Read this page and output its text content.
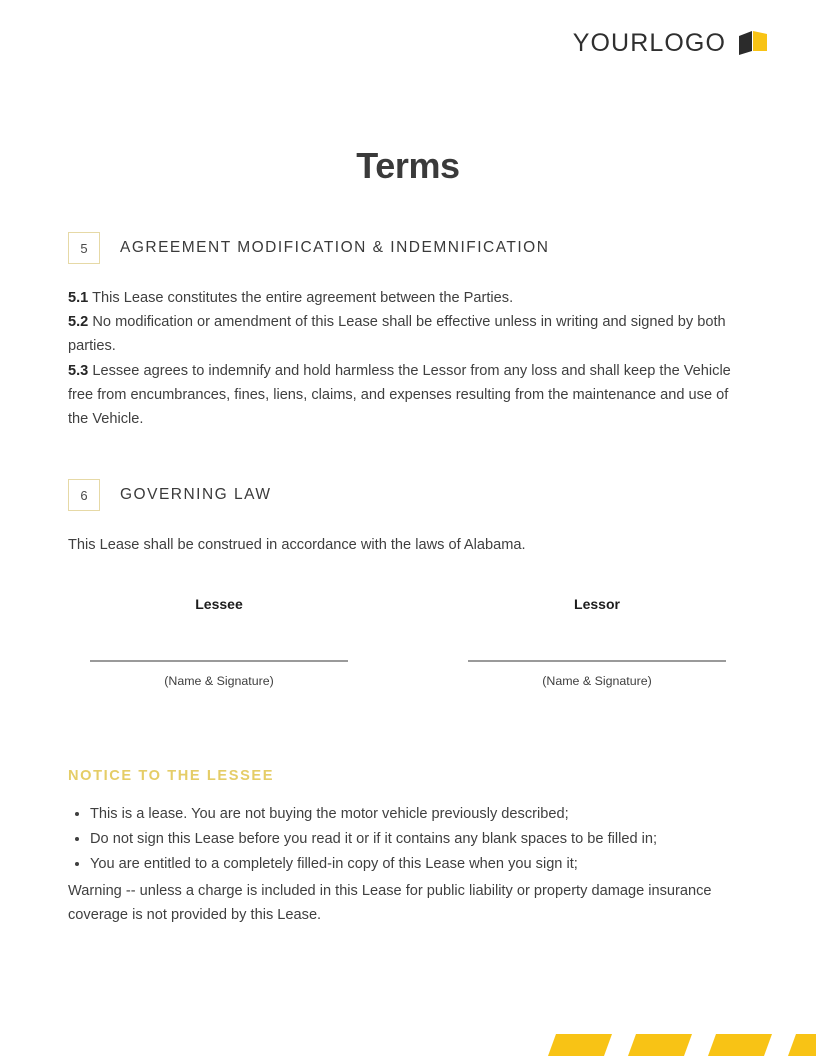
YOURLOGO
Terms
5	AGREEMENT MODIFICATION & INDEMNIFICATION

5.1 This Lease constitutes the entire agreement between the Parties.

5.2 No modification or amendment of this Lease shall be effective unless in writing and signed by both parties.

5.3 Lessee agrees to indemnify and hold harmless the Lessor from any loss and shall keep the Vehicle free from encumbrances, fines, liens, claims, and expenses resulting from the maintenance and use of the Vehicle.

6	GOVERNING LAW

This Lease shall be construed in accordance with the laws of Alabama.

Lessee
(Name & Signature)
Lessor
(Name & Signature)
NOTICE TO THE LESSEE
• This is a lease. You are not buying the motor vehicle previously described;
• Do not sign this Lease before you read it or if it contains any blank spaces to be filled in;
• You are entitled to a completely filled-in copy of this Lease when you sign it;

Warning -- unless a charge is included in this Lease for public liability or property damage insurance coverage is not provided by this Lease.
